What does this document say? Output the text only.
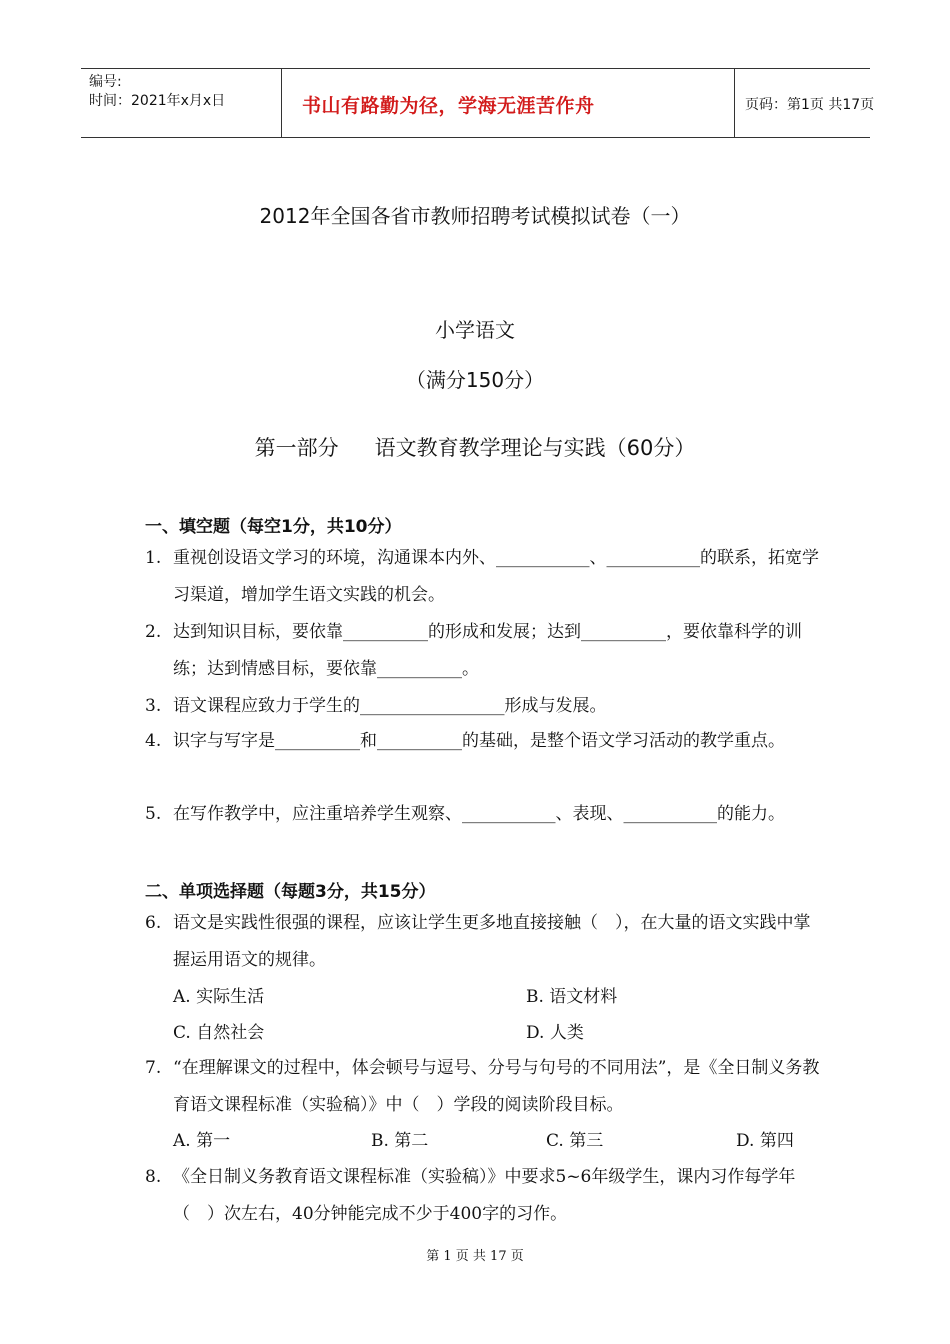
编号:
时间：2021年x月x日	书山有路勤为径，学海无涯苦作舟	页码：第1页 共17页
2012年全国各省市教师招聘考试模拟试卷（一）
小学语文
（满分150分）
第一部分 语文教育教学理论与实践（60分）
一、填空题（每空1分，共10分）
1. 重视创设语文学习的环境，沟通课本内外、___________、___________的联系，拓宽学习渠道，增加学生语文实践的机会。
2. 达到知识目标，要依靠__________的形成和发展；达到__________，要依靠科学的训练；达到情感目标，要依靠__________。
3. 语文课程应致力于学生的_________________形成与发展。
4. 识字与写字是__________和__________的基础，是整个语文学习活动的教学重点。
5. 在写作教学中，应注重培养学生观察、___________、表现、___________的能力。
二、单项选择题（每题3分，共15分）
6. 语文是实践性很强的课程，应该让学生更多地直接接触（　），在大量的语文实践中掌握运用语文的规律。
A. 实际生活	B. 语文材料
C. 自然社会	D. 人类
7. “在理解课文的过程中，体会顿号与逗号、分号与句号的不同用法”，是《全日制义务教育语文课程标准（实验稿）》中（　）学段的阅读阶段目标。
A. 第一	B. 第二	C. 第三	D. 第四
8. 《全日制义务教育语文课程标准（实验稿）》中要求5~6年级学生，课内习作每学年（　）次左右，40分钟能完成不少于400字的习作。
第 1 页 共 17 页
